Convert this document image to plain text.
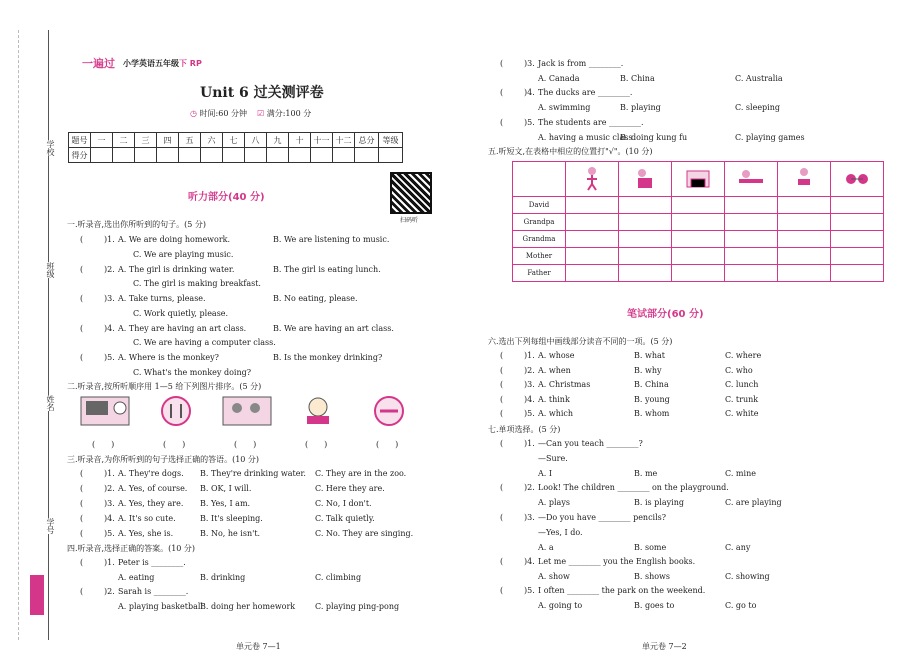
学校
班级
姓名
学号
一遍过 小学英语五年级下 RP
Unit 6 过关测评卷
◷ 时间:60 分钟 ☑ 满分:100 分
题号	一	二	三	四	五	六	七	八	九	十	十一	十二	总分	等级
得分														
扫码听
听力部分(40 分)
一.听录音,选出你所听到的句子。(5 分)
(	)1. A. We are doing homework.	B. We are listening to music.
C. We are playing music.
(	)2. A. The girl is drinking water.	B. The girl is eating lunch.
C. The girl is making breakfast.
(	)3. A. Take turns, please.	B. No eating, please.
C. Work quietly, please.
(	)4. A. They are having an art class.	B. We are having an art class.
C. We are having a computer class.
(	)5. A. Where is the monkey?	B. Is the monkey drinking?
C. What's the monkey doing?
三.听录音,为你所听到的句子选择正确的答语。(10 分)
(	)1. A. They're dogs. B. They're drinking water. C. They are in the zoo.
(	)2. A. Yes, of course. B. OK, I will.	C. Here they are.
(	)3. A. Yes, they are. B. Yes, I am.	C. No, I don't.
(	)4. A. It's so cute.	B. It's sleeping.	C. Talk quietly.
(	)5. A. Yes, she is.	B. No, he isn't.	C. No. They are singing.
四.听录音,选择正确的答案。(10 分)
(	)1. Peter is ________.
A. eating	B. drinking	C. climbing
(	)2. Sarah is ________.
A. playing basketball
B. doing her homework C. playing ping-pong
二.听录音,按所听顺序用 1—5 给下列图片排序。(5 分)
(　　)	(　　)	(　　)	(　　)	(　　)
(	)3. Jack is from ________.
A. Canada	B. China	C. Australia
(	)4. The ducks are ________.
A. swimming	B. playing	C. sleeping
(	)5. The students are ________.
A. having a music class
B. doing kung fu	C. playing games
六.选出下列每组中画线部分读音不同的一项。(5 分)
(	)1. A. whose	B. what	C. where
(	)2. A. when	B. why	C. who
(	)3. A. Christmas	B. China	C. lunch
(	)4. A. think	B. young	C. trunk
(	)5. A. which	B. whom	C. white
七.单项选择。(5 分)
(	)1. —Can you teach ________?
—Sure.
A. I	B. me	C. mine
(	)2. Look! The children ________ on the playground.
A. plays	B. is playing	C. are playing
(	)3. —Do you have ________ pencils?
—Yes, I do.
A. a	B. some	C. any
(	)4. Let me ________ you the English books.
A. show	B. shows	C. showing
(	)5. I often ________ the park on the weekend.
A. going to	B. goes to	C. go to
五.听短文,在表格中相应的位置打"√"。(10 分)

David						
Grandpa						
Grandma						
Mother						
Father						
笔试部分(60 分)
单元卷 7—1	单元卷 7—2
